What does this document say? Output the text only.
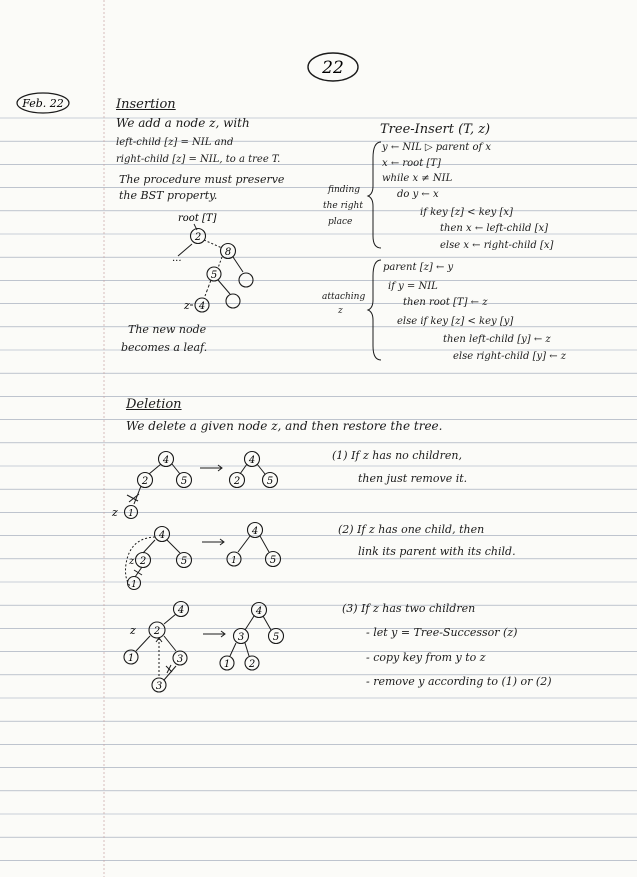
22
Feb. 22	Insertion
We add a node z, with
left-child [z] = NIL and
right-child [z] = NIL, to a tree T.
The procedure must preserve
the BST property.
root [T]
...
2
8
5
4
z
The new node
becomes a leaf.
Tree-Insert (T, z)
finding
the right
place
attaching
z
y ← NIL ▷ parent of x
x ← root [T]
while x ≠ NIL
do y ← x
if key [z] < key [x]
then x ← left-child [x]
else x ← right-child [x]
parent [z] ← y
if y = NIL
then root [T] ← z
else if key [z] < key [y]
then left-child [y] ← z
else right-child [y] ← z
Deletion
We delete a given node z, and then restore the tree.
4
2	5
1
z
4
2	5
(1) If z has no children,
then just remove it.
4
2	5
1
z
4
1	5
(2) If z has one child, then
link its parent with its child.
4
2
1	3
3
z
4
3	5
1 2
(3) If z has two children
- let y = Tree-Successor (z)
- copy key from y to z
- remove y according to (1) or (2)
